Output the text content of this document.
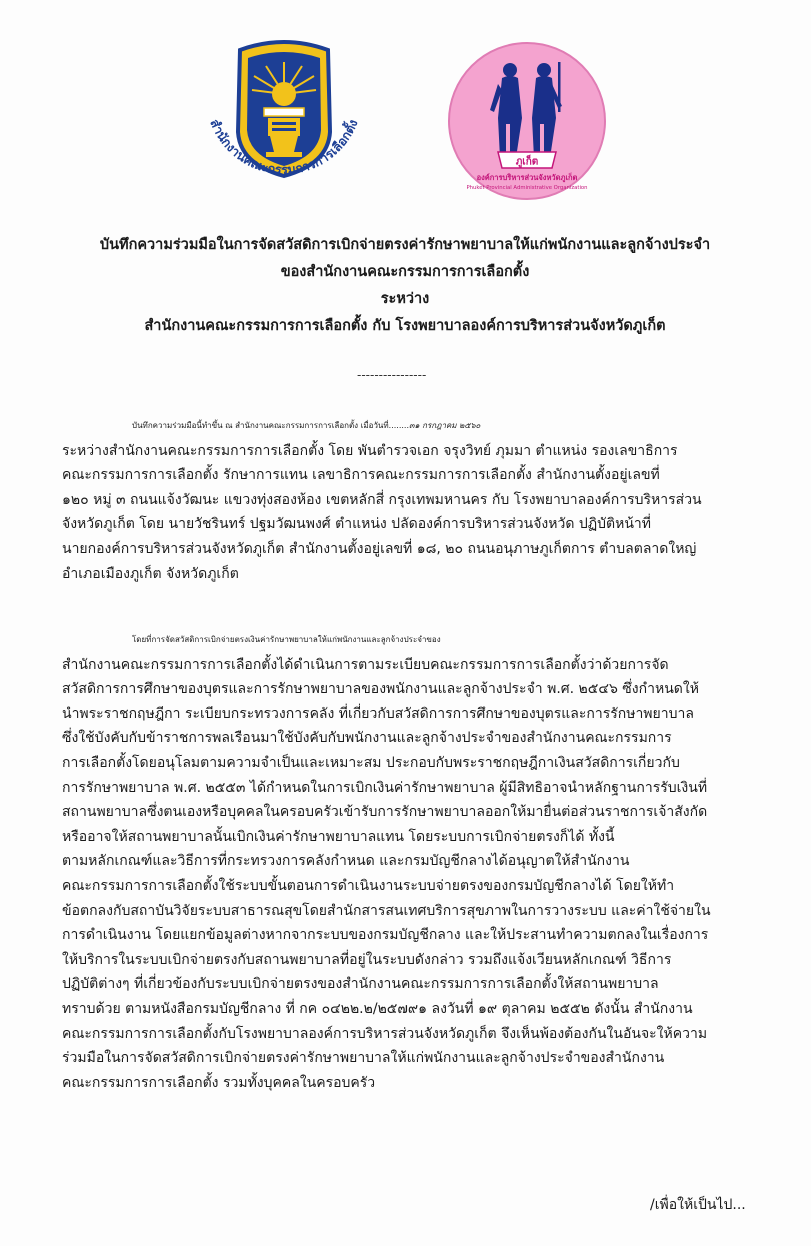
สำนักงานคณะกรรมการการเลือกตั้ง
ภูเก็ต
องค์การบริหารส่วนจังหวัดภูเก็ต
Phuket Provincial Administrative Organization
บันทึกความร่วมมือในการจัดสวัสดิการเบิกจ่ายตรงค่ารักษาพยาบาลให้แก่พนักงานและลูกจ้างประจำ
ของสำนักงานคณะกรรมการการเลือกตั้ง
ระหว่าง
สำนักงานคณะกรรมการการเลือกตั้ง กับ โรงพยาบาลองค์การบริหารส่วนจังหวัดภูเก็ต
----------------
บันทึกความร่วมมือนี้ทำขึ้น ณ สำนักงานคณะกรรมการการเลือกตั้ง เมื่อวันที่........๓๑ กรกฎาคม ๒๕๖๐
ระหว่างสำนักงานคณะกรรมการการเลือกตั้ง โดย พันตำรวจเอก จรุงวิทย์ ภุมมา ตำแหน่ง รองเลขาธิการ
คณะกรรมการการเลือกตั้ง รักษาการแทน เลขาธิการคณะกรรมการการเลือกตั้ง สำนักงานตั้งอยู่เลขที่
๑๒๐ หมู่ ๓ ถนนแจ้งวัฒนะ แขวงทุ่งสองห้อง เขตหลักสี่ กรุงเทพมหานคร กับ โรงพยาบาลองค์การบริหารส่วน
จังหวัดภูเก็ต โดย นายวัชรินทร์ ปฐมวัฒนพงศ์ ตำแหน่ง ปลัดองค์การบริหารส่วนจังหวัด ปฏิบัติหน้าที่
นายกองค์การบริหารส่วนจังหวัดภูเก็ต สำนักงานตั้งอยู่เลขที่ ๑๘, ๒๐ ถนนอนุภาษภูเก็ตการ ตำบลตลาดใหญ่
อำเภอเมืองภูเก็ต จังหวัดภูเก็ต
โดยที่การจัดสวัสดิการเบิกจ่ายตรงเงินค่ารักษาพยาบาลให้แก่พนักงานและลูกจ้างประจำของ
สำนักงานคณะกรรมการการเลือกตั้งได้ดำเนินการตามระเบียบคณะกรรมการการเลือกตั้งว่าด้วยการจัด
สวัสดิการการศึกษาของบุตรและการรักษาพยาบาลของพนักงานและลูกจ้างประจำ พ.ศ. ๒๕๔๖ ซึ่งกำหนดให้
นำพระราชกฤษฎีกา ระเบียบกระทรวงการคลัง ที่เกี่ยวกับสวัสดิการการศึกษาของบุตรและการรักษาพยาบาล
ซึ่งใช้บังคับกับข้าราชการพลเรือนมาใช้บังคับกับพนักงานและลูกจ้างประจำของสำนักงานคณะกรรมการ
การเลือกตั้งโดยอนุโลมตามความจำเป็นและเหมาะสม ประกอบกับพระราชกฤษฎีกาเงินสวัสดิการเกี่ยวกับ
การรักษาพยาบาล พ.ศ. ๒๕๕๓ ได้กำหนดในการเบิกเงินค่ารักษาพยาบาล ผู้มีสิทธิอาจนำหลักฐานการรับเงินที่
สถานพยาบาลซึ่งตนเองหรือบุคคลในครอบครัวเข้ารับการรักษาพยาบาลออกให้มายื่นต่อส่วนราชการเจ้าสังกัด
หรืออาจให้สถานพยาบาลนั้นเบิกเงินค่ารักษาพยาบาลแทน โดยระบบการเบิกจ่ายตรงก็ได้ ทั้งนี้
ตามหลักเกณฑ์และวิธีการที่กระทรวงการคลังกำหนด และกรมบัญชีกลางได้อนุญาตให้สำนักงาน
คณะกรรมการการเลือกตั้งใช้ระบบขั้นตอนการดำเนินงานระบบจ่ายตรงของกรมบัญชีกลางได้ โดยให้ทำ
ข้อตกลงกับสถาบันวิจัยระบบสาธารณสุขโดยสำนักสารสนเทศบริการสุขภาพในการวางระบบ และค่าใช้จ่ายใน
การดำเนินงาน โดยแยกข้อมูลต่างหากจากระบบของกรมบัญชีกลาง และให้ประสานทำความตกลงในเรื่องการ
ให้บริการในระบบเบิกจ่ายตรงกับสถานพยาบาลที่อยู่ในระบบดังกล่าว รวมถึงแจ้งเวียนหลักเกณฑ์ วิธีการ
ปฏิบัติต่างๆ ที่เกี่ยวข้องกับระบบเบิกจ่ายตรงของสำนักงานคณะกรรมการการเลือกตั้งให้สถานพยาบาล
ทราบด้วย ตามหนังสือกรมบัญชีกลาง ที่ กค ๐๔๒๒.๒/๒๕๗๙๑ ลงวันที่ ๑๙ ตุลาคม ๒๕๕๒ ดังนั้น สำนักงาน
คณะกรรมการการเลือกตั้งกับโรงพยาบาลองค์การบริหารส่วนจังหวัดภูเก็ต จึงเห็นพ้องต้องกันในอันจะให้ความ
ร่วมมือในการจัดสวัสดิการเบิกจ่ายตรงค่ารักษาพยาบาลให้แก่พนักงานและลูกจ้างประจำของสำนักงาน
คณะกรรมการการเลือกตั้ง รวมทั้งบุคคลในครอบครัว
/เพื่อให้เป็นไป...
